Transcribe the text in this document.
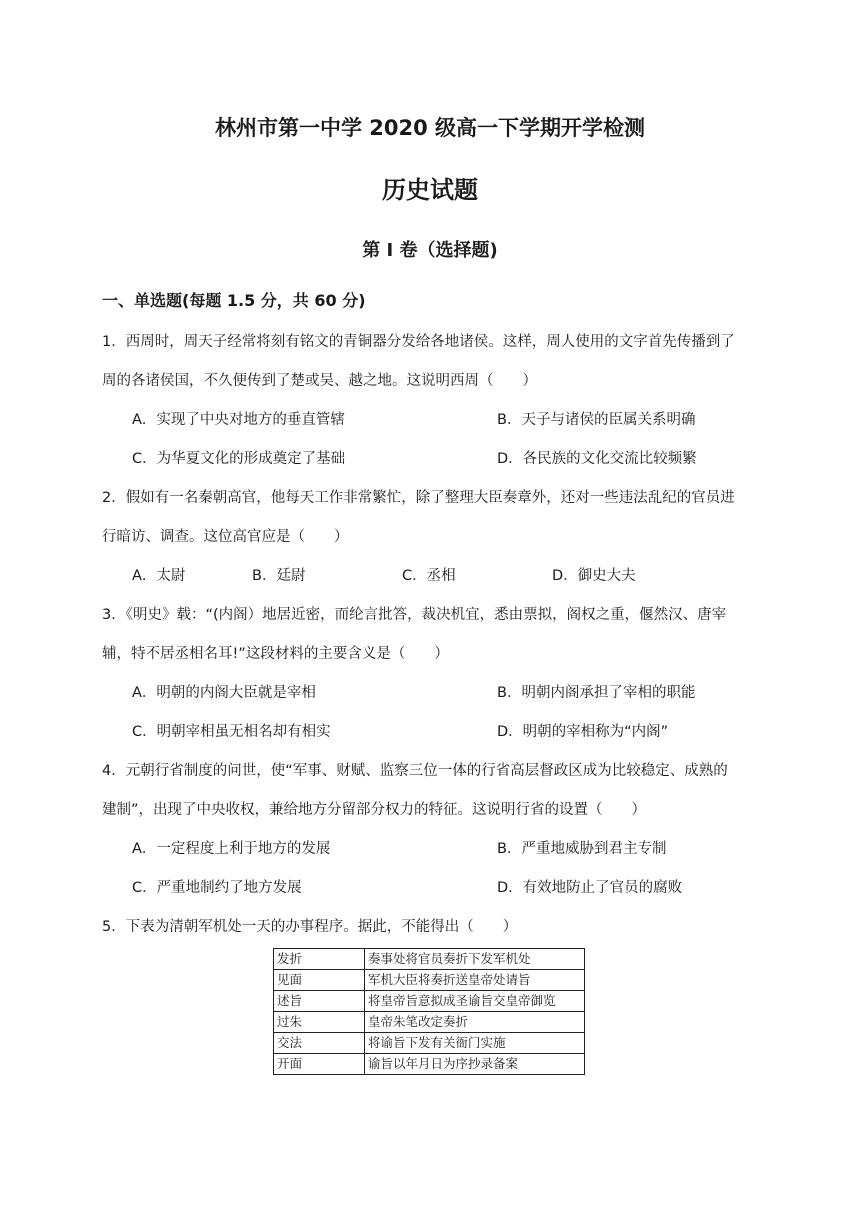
林州市第一中学 2020 级高一下学期开学检测
历史试题
第 I 卷（选择题)
一、单选题(每题 1.5 分，共 60 分)
1．西周时，周天子经常将刻有铭文的青铜器分发给各地诸侯。这样，周人使用的文字首先传播到了
周的各诸侯国，不久便传到了楚或吴、越之地。这说明西周（　　）
A．实现了中央对地方的垂直管辖	B．天子与诸侯的臣属关系明确
C．为华夏文化的形成奠定了基础	D．各民族的文化交流比较频繁
2．假如有一名秦朝高官，他每天工作非常繁忙，除了整理大臣奏章外，还对一些违法乱纪的官员进
行暗访、调查。这位高官应是（　　）
A．太尉	B．廷尉	C．丞相	D．御史大夫
3．《明史》载：“(内阁）地居近密，而纶言批答，裁决机宜，悉由票拟，阁权之重，偃然汉、唐宰
辅，特不居丞相名耳!”这段材料的主要含义是（　　）
A．明朝的内阁大臣就是宰相	B．明朝内阁承担了宰相的职能
C．明朝宰相虽无相名却有相实	D．明朝的宰相称为“内阁”
4．元朝行省制度的问世，使“军事、财赋、监察三位一体的行省高层督政区成为比较稳定、成熟的
建制”，出现了中央收权，兼给地方分留部分权力的特征。这说明行省的设置（　　）
A．一定程度上利于地方的发展	B．严重地威胁到君主专制
C．严重地制约了地方发展	D．有效地防止了官员的腐败
5．下表为清朝军机处一天的办事程序。据此，不能得出（　　）
发折	奏事处将官员奏折下发军机处
见面	军机大臣将奏折送皇帝处请旨
述旨	将皇帝旨意拟成圣谕旨交皇帝御览
过朱	皇帝朱笔改定奏折
交法	将谕旨下发有关衙门实施
开面	谕旨以年月日为序抄录备案
